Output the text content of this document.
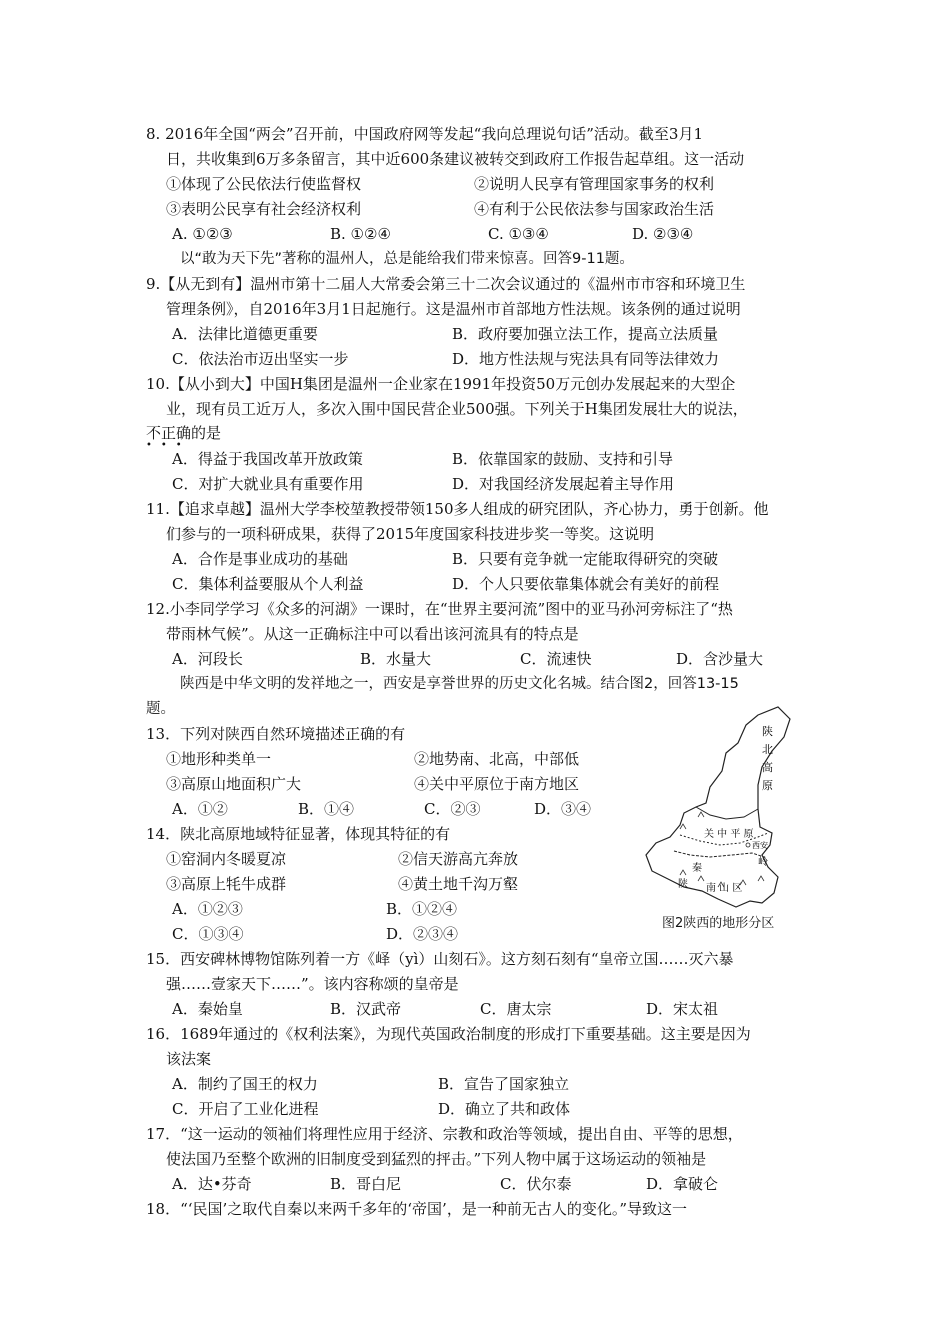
8. 2016年全国“两会”召开前，中国政府网等发起“我向总理说句话”活动。截至3月1
日，共收集到6万多条留言，其中近600条建议被转交到政府工作报告起草组。这一活动
①体现了公民依法行使监督权	②说明人民享有管理国家事务的权利
③表明公民享有社会经济权利	④有利于公民依法参与国家政治生活
A. ①②③	B. ①②④	C. ①③④	D. ②③④
以“敢为天下先”著称的温州人，总是能给我们带来惊喜。回答9-11题。
9.【从无到有】温州市第十二届人大常委会第三十二次会议通过的《温州市市容和环境卫生
管理条例》，自2016年3月1日起施行。这是温州市首部地方性法规。该条例的通过说明
A．法律比道德更重要	B．政府要加强立法工作，提高立法质量
C．依法治市迈出坚实一步	D．地方性法规与宪法具有同等法律效力
10.【从小到大】中国H集团是温州一企业家在1991年投资50万元创办发展起来的大型企
业，现有员工近万人，多次入围中国民营企业500强。下列关于H集团发展壮大的说法，
不正确的是
•••
A．得益于我国改革开放政策	B．依靠国家的鼓励、支持和引导
C．对扩大就业具有重要作用	D．对我国经济发展起着主导作用
11.【追求卓越】温州大学李校堃教授带领150多人组成的研究团队，齐心协力，勇于创新。他
们参与的一项科研成果，获得了2015年度国家科技进步奖一等奖。这说明
A．合作是事业成功的基础	B．只要有竞争就一定能取得研究的突破
C．集体利益要服从个人利益	D．个人只要依靠集体就会有美好的前程
12.小李同学学习《众多的河湖》一课时，在“世界主要河流”图中的亚马孙河旁标注了“热
带雨林气候”。从这一正确标注中可以看出该河流具有的特点是
A．河段长	B．水量大	C．流速快	D．含沙量大
陕西是中华文明的发祥地之一，西安是享誉世界的历史文化名城。结合图2，回答13-15
题。
13．下列对陕西自然环境描述正确的有
①地形种类单一	②地势南、北高，中部低
③高原山地面积广大	④关中平原位于南方地区
A．①②	B．①④	C．②③	D．③④
14．陕北高原地域特征显著，体现其特征的有
①窑洞内冬暖夏凉	②信天游高亢奔放
③高原上牦牛成群	④黄土地千沟万壑
A．①②③	B．①②④
C．①③④	D．②③④
陕
北
高
原
关 中 平 原
西安
秦
岭
陕 南 山 区
图2陕西的地形分区
15．西安碑林博物馆陈列着一方《峄（yì）山刻石》。这方刻石刻有“皇帝立国……灭六暴
强……壹家天下……”。该内容称颂的皇帝是
A．秦始皇	B．汉武帝	C．唐太宗	D．宋太祖
16．1689年通过的《权利法案》，为现代英国政治制度的形成打下重要基础。这主要是因为
该法案
A．制约了国王的权力	B．宣告了国家独立
C．开启了工业化进程	D．确立了共和政体
17．“这一运动的领袖们将理性应用于经济、宗教和政治等领域，提出自由、平等的思想，
使法国乃至整个欧洲的旧制度受到猛烈的抨击。”下列人物中属于这场运动的领袖是
A．达•芬奇	B．哥白尼	C．伏尔泰	D．拿破仑
18．“‘民国’之取代自秦以来两千多年的‘帝国’，是一种前无古人的变化。”导致这一
